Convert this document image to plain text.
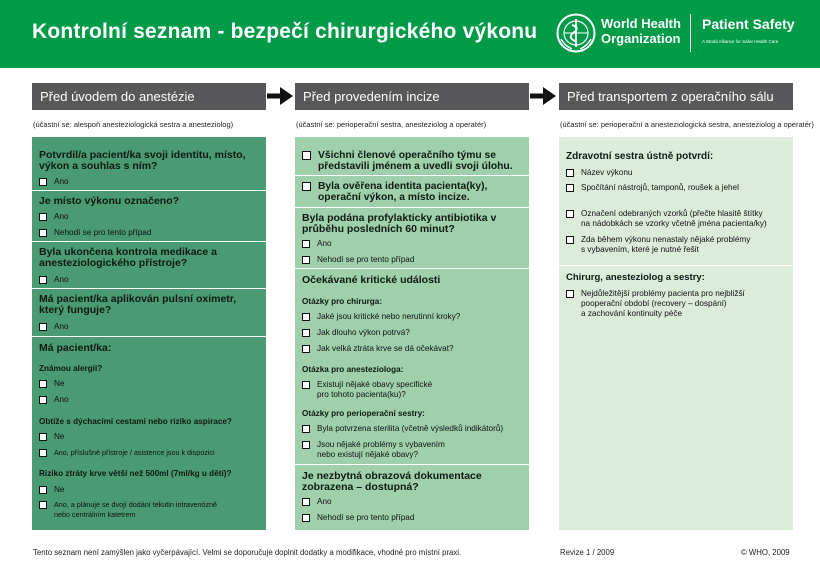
Kontrolní seznam - bezpečí chirurgického výkonu	World Health
Organization
Patient Safety
A World Alliance for Safer Health Care
Před úvodem do anestézie	Před provedením incize	Před transportem z operačního sálu
(účastní se: alespoň anesteziologická sestra a anesteziolog)	(účastní se: perioperační sestra, anesteziolog a operatér)	(účastní se: perioperační a anesteziologická sestra, anesteziolog a operatér)
Potvrdil/a pacient/ka svoji identitu, místo, výkon a souhlas s ním?
Ano
Je místo výkonu označeno?
Ano
Nehodí se pro tento případ
Byla ukončena kontrola medikace a anesteziologického přístroje?
Ano
Má pacient/ka aplikován pulsní oximetr, který funguje?
Ano
Má pacient/ka:
Známou alergii?
Ne
Ano
Obtíže s dýchacími cestami nebo riziko aspirace?
Ne
Ano, příslušné přístroje / asistence jsou k dispozici
Riziko ztráty krve větší než 500ml (7ml/kg u dětí)?
Ne
Ano, a plánuje se dvojí dodání tekutin intravenózně
nebo centrálním katetrem
Všichni členové operačního týmu se
představili jménem a uvedli svoji úlohu.
Byla ověřena identita pacienta(ky),
operační výkon, a místo incize.
Byla podána profylakticky antibiotika v průběhu posledních 60 minut?
Ano
Nehodí se pro tento případ
Očekávané kritické události
Otázky pro chirurga:
Jaké jsou kritické nebo nerutinní kroky?
Jak dlouho výkon potrvá?
Jak velká ztráta krve se dá očekávat?
Otázka pro anesteziologa:
Existují nějaké obavy specifické
pro tohoto pacienta(ku)?
Otázky pro perioperační sestry:
Byla potvrzena sterilita (včetně výsledků indikátorů)
Jsou nějaké problémy s vybavením
nebo existují nějaké obavy?
Je nezbytná obrazová dokumentace zobrazena – dostupná?
Ano
Nehodí se pro tento případ
Zdravotní sestra ústně potvrdí:
Název výkonu
Spočítání nástrojů, tamponů, roušek a jehel
Označení odebraných vzorků (přečte hlasitě štítky
na nádobkách se vzorky včetně jména pacienta/ky)
Zda během výkonu nenastaly nějaké problémy
s vybavením, které je nutné řešit
Chirurg, anesteziolog a sestry:
Nejdůležitější problémy pacienta pro nejbližší
pooperační období (recovery – dospání)
a zachování kontinuity péče
Tento seznam není zamýšlen jako vyčerpávající. Velmi se doporučuje doplnit dodatky a modifikace, vhodné pro místní praxi.	Revize 1 / 2009	© WHO, 2009
